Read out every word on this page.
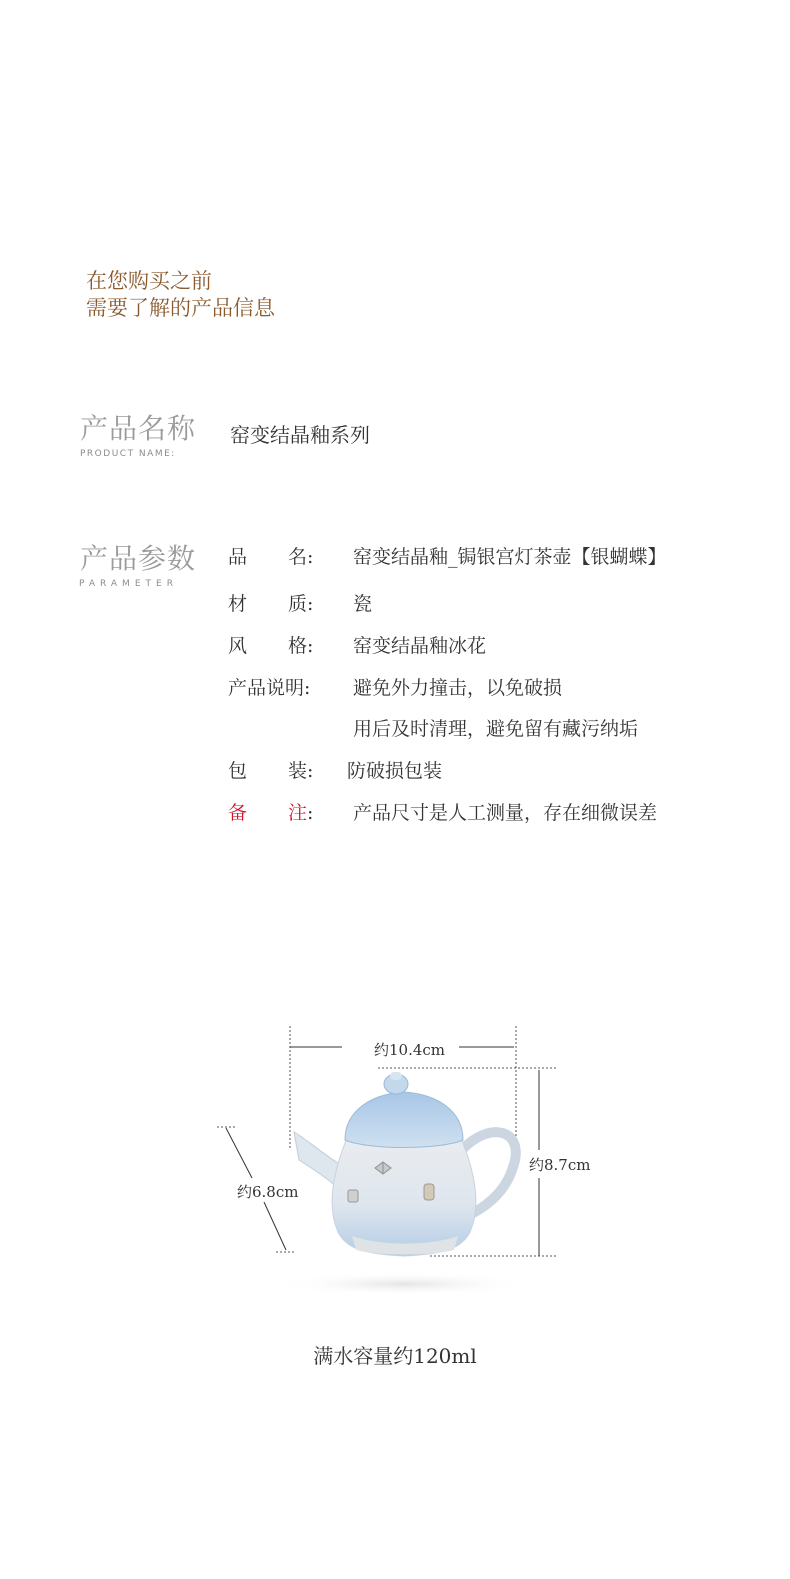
在您购买之前
需要了解的产品信息
产品名称
PRODUCT NAME:
窑变结晶釉系列
产品参数
PARAMETER
品 名: 窑变结晶釉_锔银宫灯茶壶【银蝴蝶】
材 质: 瓷
风 格: 窑变结晶釉冰花
产品说明: 避免外力撞击，以免破损
用后及时清理，避免留有藏污纳垢
包 装: 防破损包装
备 注: 产品尺寸是人工测量，存在细微误差
约10.4cm
约8.7cm
约6.8cm
满水容量约120ml
